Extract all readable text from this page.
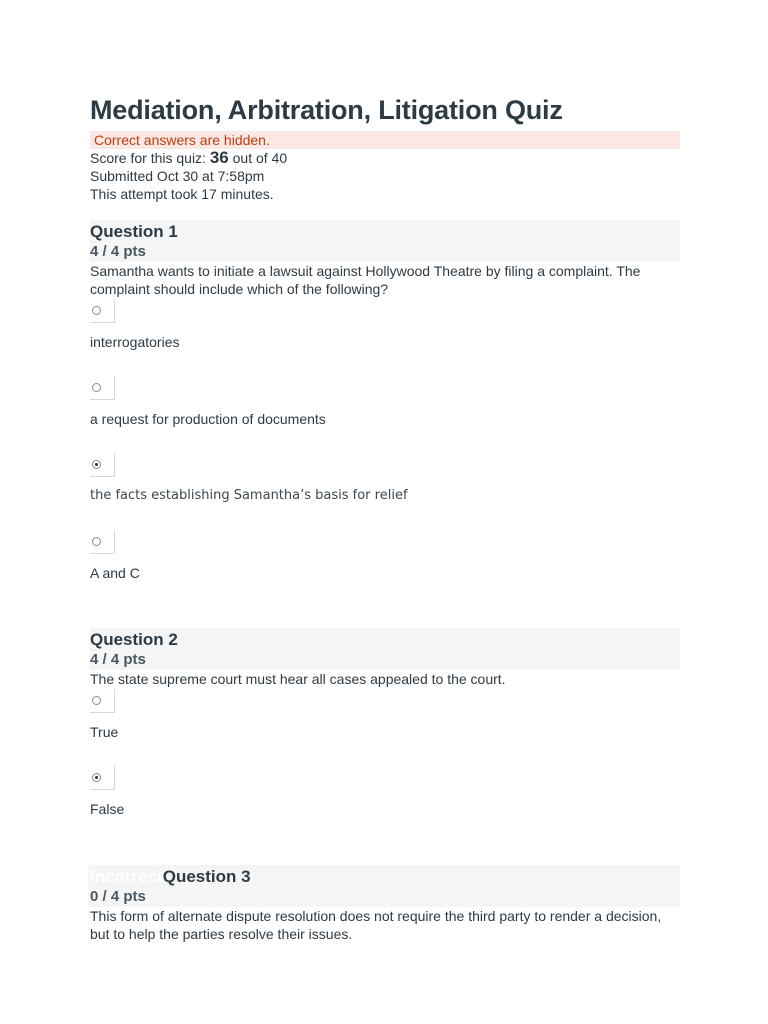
Mediation, Arbitration, Litigation Quiz
Correct answers are hidden.
Score for this quiz: 36 out of 40
Submitted Oct 30 at 7:58pm
This attempt took 17 minutes.
Question 1
4 / 4 pts
Samantha wants to initiate a lawsuit against Hollywood Theatre by filing a complaint. The complaint should include which of the following?
interrogatories
a request for production of documents
the facts establishing Samantha’s basis for relief
A and C
Question 2
4 / 4 pts
The state supreme court must hear all cases appealed to the court.
True
False
IncorrectQuestion 3
0 / 4 pts
This form of alternate dispute resolution does not require the third party to render a decision, but to help the parties resolve their issues.
